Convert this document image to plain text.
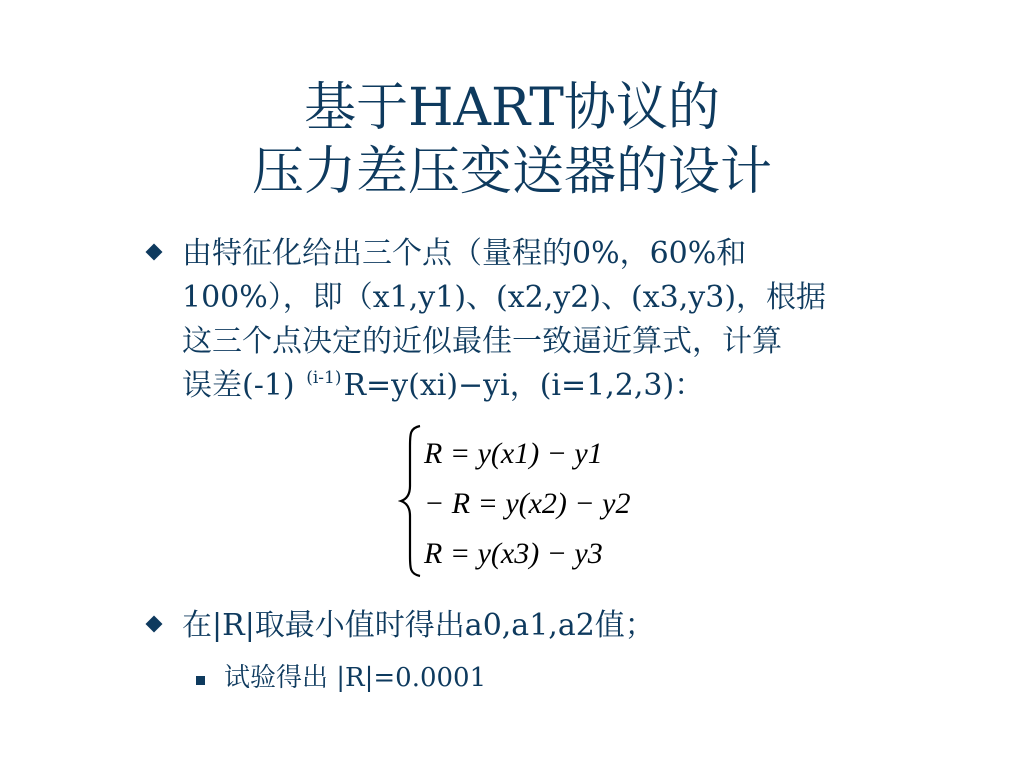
基于HART协议的
压力差压变送器的设计
由特征化给出三个点（量程的0%，60%和
100%），即（x1,y1)、(x2,y2)、(x3,y3)，根据
这三个点决定的近似最佳一致逼近算式，计算
误差(-1) $^{(i-1)}$R=y(xi)−yi，(i=1,2,3)：
R = y(x1) − y1
− R = y(x2) − y2
R = y(x3) − y3
在|R|取最小值时得出a0,a1,a2值；
试验得出 |R|=0.0001
